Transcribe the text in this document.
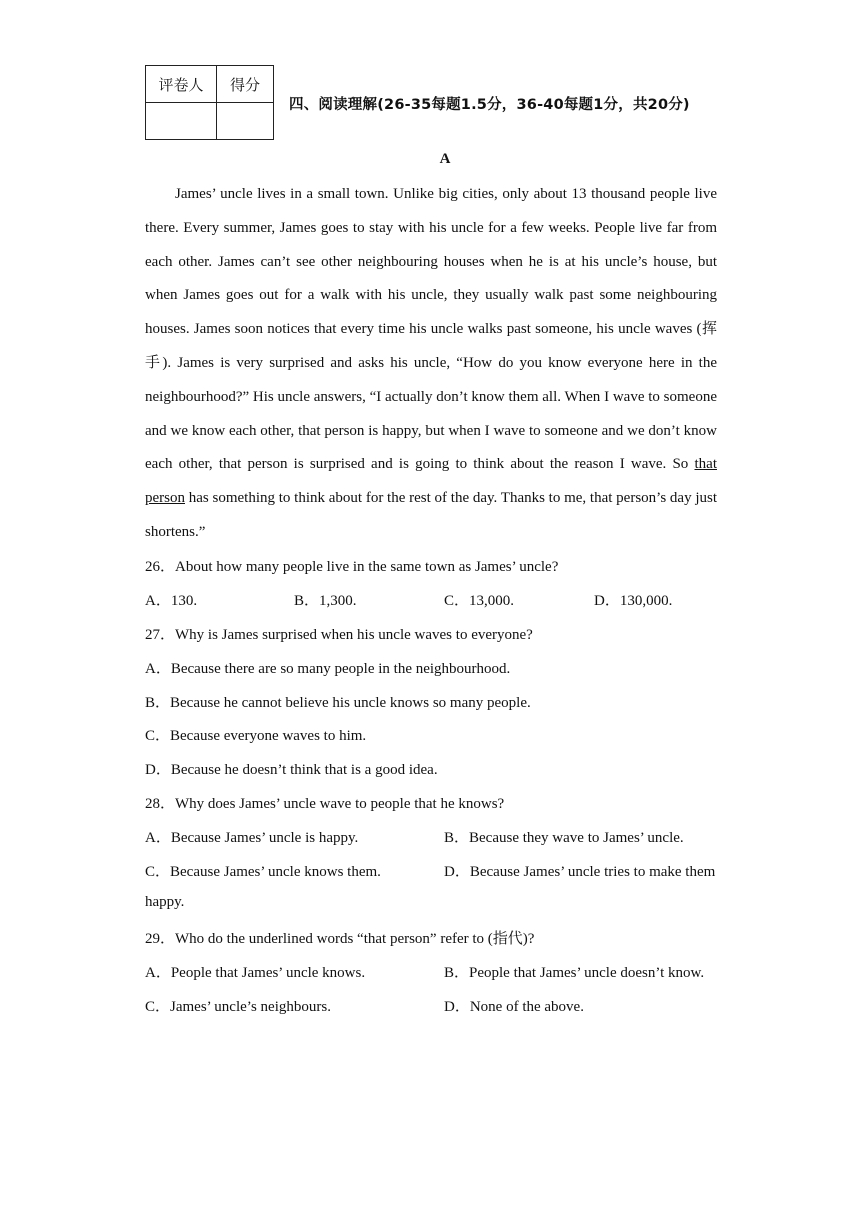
评卷人	得分

四、阅读理解(26-35每题1.5分，36-40每题1分，共20分)
A

James’ uncle lives in a small town. Unlike big cities, only about 13 thousand people live there. Every summer, James goes to stay with his uncle for a few weeks. People live far from each other. James can’t see other neighbouring houses when he is at his uncle’s house, but when James goes out for a walk with his uncle, they usually walk past some neighbouring houses. James soon notices that every time his uncle walks past someone, his uncle waves (挥手). James is very surprised and asks his uncle, “How do you know everyone here in the neighbourhood?” His uncle answers, “I actually don’t know them all. When I wave to someone and we know each other, that person is happy, but when I wave to someone and we don’t know each other, that person is surprised and is going to think about the reason I wave. So that person has something to think about for the rest of the day. Thanks to me, that person’s day just shortens.”

26．About how many people live in the same town as James’ uncle?
A．130.	B．1,300.	C．13,000.	D．130,000.
27．Why is James surprised when his uncle waves to everyone?
A．Because there are so many people in the neighbourhood.
B．Because he cannot believe his uncle knows so many people.
C．Because everyone waves to him.
D．Because he doesn’t think that is a good idea.
28．Why does James’ uncle wave to people that he knows?
A．Because James’ uncle is happy.	B．Because they wave to James’ uncle.
C．Because James’ uncle knows them.	D．Because James’ uncle tries to make them
happy.
29．Who do the underlined words “that person” refer to (指代)?
A．People that James’ uncle knows.	B．People that James’ uncle doesn’t know.
C．James’ uncle’s neighbours.	D．None of the above.
